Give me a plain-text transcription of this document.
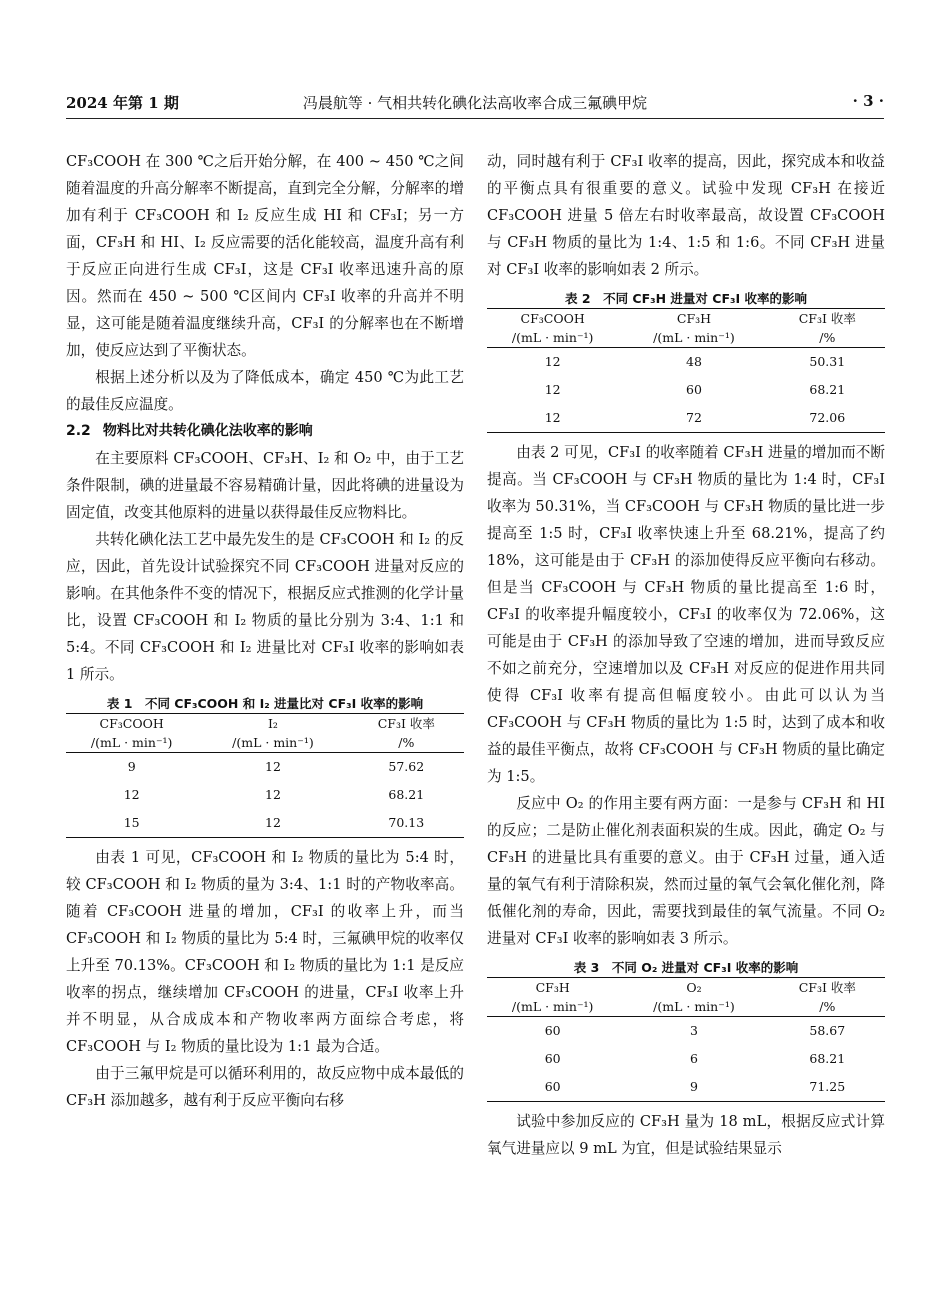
2024 年第 1 期	冯晨航等 · 气相共转化碘化法高收率合成三氟碘甲烷	· 3 ·

CF₃COOH 在 300 ℃之后开始分解，在 400 ~ 450 ℃之间随着温度的升高分解率不断提高，直到完全分解，分解率的增加有利于 CF₃COOH 和 I₂ 反应生成 HI 和 CF₃I；另一方面，CF₃H 和 HI、I₂ 反应需要的活化能较高，温度升高有利于反应正向进行生成 CF₃I，这是 CF₃I 收率迅速升高的原因。然而在 450 ~ 500 ℃区间内 CF₃I 收率的升高并不明显，这可能是随着温度继续升高，CF₃I 的分解率也在不断增加，使反应达到了平衡状态。

根据上述分析以及为了降低成本，确定 450 ℃为此工艺的最佳反应温度。

2.2 物料比对共转化碘化法收率的影响

在主要原料 CF₃COOH、CF₃H、I₂ 和 O₂ 中，由于工艺条件限制，碘的进量最不容易精确计量，因此将碘的进量设为固定值，改变其他原料的进量以获得最佳反应物料比。

共转化碘化法工艺中最先发生的是 CF₃COOH 和 I₂ 的反应，因此，首先设计试验探究不同 CF₃COOH 进量对反应的影响。在其他条件不变的情况下，根据反应式推测的化学计量比，设置 CF₃COOH 和 I₂ 物质的量比分别为 3:4、1:1 和 5:4。不同 CF₃COOH 和 I₂ 进量比对 CF₃I 收率的影响如表 1 所示。

表 1　不同 CF₃COOH 和 I₂ 进量比对 CF₃I 收率的影响
CF₃COOH	I₂	CF₃I 收率
/(mL · min⁻¹)	/(mL · min⁻¹)	/%
9	12	57.62
12	12	68.21
15	12	70.13

由表 1 可见，CF₃COOH 和 I₂ 物质的量比为 5:4 时，较 CF₃COOH 和 I₂ 物质的量为 3:4、1:1 时的产物收率高。随着 CF₃COOH 进量的增加，CF₃I 的收率上升，而当 CF₃COOH 和 I₂ 物质的量比为 5:4 时，三氟碘甲烷的收率仅上升至 70.13%。CF₃COOH 和 I₂ 物质的量比为 1:1 是反应收率的拐点，继续增加 CF₃COOH 的进量，CF₃I 收率上升并不明显，从合成成本和产物收率两方面综合考虑，将 CF₃COOH 与 I₂ 物质的量比设为 1:1 最为合适。

由于三氟甲烷是可以循环利用的，故反应物中成本最低的 CF₃H 添加越多，越有利于反应平衡向右移

动，同时越有利于 CF₃I 收率的提高，因此，探究成本和收益的平衡点具有很重要的意义。试验中发现 CF₃H 在接近 CF₃COOH 进量 5 倍左右时收率最高，故设置 CF₃COOH 与 CF₃H 物质的量比为 1:4、1:5 和 1:6。不同 CF₃H 进量对 CF₃I 收率的影响如表 2 所示。

表 2　不同 CF₃H 进量对 CF₃I 收率的影响
CF₃COOH	CF₃H	CF₃I 收率
/(mL · min⁻¹)	/(mL · min⁻¹)	/%
12	48	50.31
12	60	68.21
12	72	72.06

由表 2 可见，CF₃I 的收率随着 CF₃H 进量的增加而不断提高。当 CF₃COOH 与 CF₃H 物质的量比为 1:4 时，CF₃I 收率为 50.31%，当 CF₃COOH 与 CF₃H 物质的量比进一步提高至 1:5 时，CF₃I 收率快速上升至 68.21%，提高了约 18%，这可能是由于 CF₃H 的添加使得反应平衡向右移动。但是当 CF₃COOH 与 CF₃H 物质的量比提高至 1:6 时，CF₃I 的收率提升幅度较小，CF₃I 的收率仅为 72.06%，这可能是由于 CF₃H 的添加导致了空速的增加，进而导致反应不如之前充分，空速增加以及 CF₃H 对反应的促进作用共同使得 CF₃I 收率有提高但幅度较小。由此可以认为当 CF₃COOH 与 CF₃H 物质的量比为 1:5 时，达到了成本和收益的最佳平衡点，故将 CF₃COOH 与 CF₃H 物质的量比确定为 1:5。

反应中 O₂ 的作用主要有两方面：一是参与 CF₃H 和 HI 的反应；二是防止催化剂表面积炭的生成。因此，确定 O₂ 与 CF₃H 的进量比具有重要的意义。由于 CF₃H 过量，通入适量的氧气有利于清除积炭，然而过量的氧气会氧化催化剂，降低催化剂的寿命，因此，需要找到最佳的氧气流量。不同 O₂ 进量对 CF₃I 收率的影响如表 3 所示。

表 3　不同 O₂ 进量对 CF₃I 收率的影响
CF₃H	O₂	CF₃I 收率
/(mL · min⁻¹)	/(mL · min⁻¹)	/%
60	3	58.67
60	6	68.21
60	9	71.25

试验中参加反应的 CF₃H 量为 18 mL，根据反应式计算氧气进量应以 9 mL 为宜，但是试验结果显示
